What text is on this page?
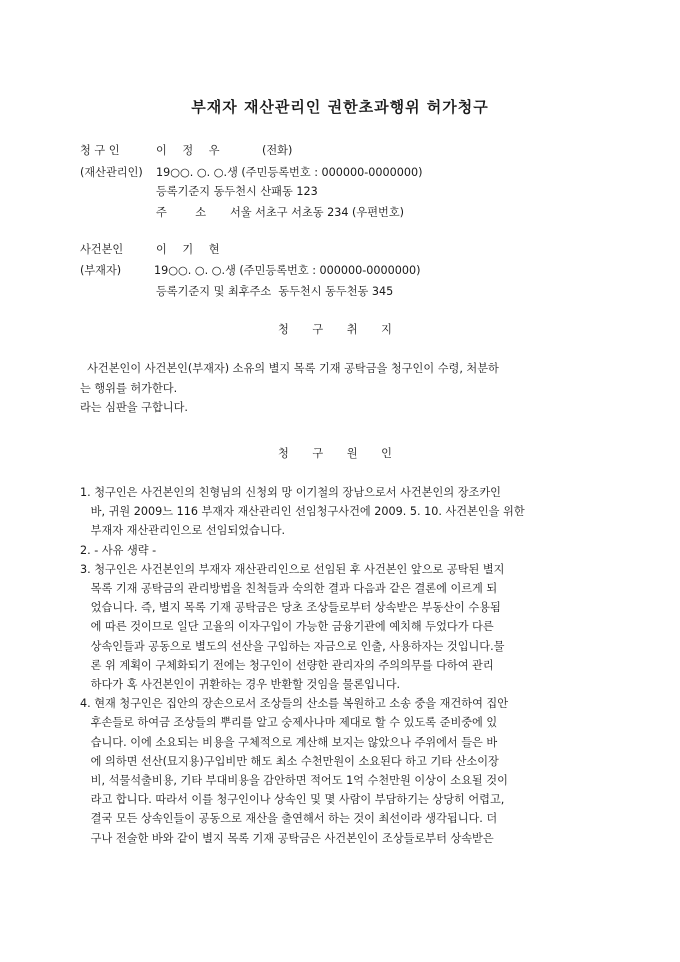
부재자 재산관리인 권한초과행위 허가청구
청 구 인	이 정 우	(전화)
(재산관리인) 19○○. ○. ○.생 (주민등록번호 : 000000-0000000)
등록기준지 동두천시 산패동 123
주        소 서울 서초구 서초동 234 (우편번호)
사건본인	이 기 현
(부재자)	19○○. ○. ○.생 (주민등록번호 : 000000-0000000)
등록기준지 및 최후주소  동두천시 동두천동 345
청 구 취 지
사건본인이 사건본인(부재자) 소유의 별지 목록 기재 공탁금을 청구인이 수령, 처분하
는 행위를 허가한다.
라는 심판을 구합니다.
청 구 원 인
1. 청구인은 사건본인의 친형님의 신청외 망 이기철의 장남으로서 사건본인의 장조카인
바, 귀원 2009느 116 부재자 재산관리인 선임청구사건에 2009. 5. 10. 사건본인을 위한
부재자 재산관리인으로 선임되었습니다.
2. - 사유 생략 -
3. 청구인은 사건본인의 부재자 재산관리인으로 선임된 후 사건본인 앞으로 공탁된 별지
목록 기재 공탁금의 관리방법을 친척들과 숙의한 결과 다음과 같은 결론에 이르게 되
었습니다. 즉, 별지 목록 기재 공탁금은 당초 조상들로부터 상속받은 부동산이 수용됨
에 따른 것이므로 일단 고율의 이자구입이 가능한 금융기관에 예치해 두었다가 다른
상속인들과 공동으로 별도의 선산을 구입하는 자금으로 인출, 사용하자는 것입니다.물
론 위 계획이 구체화되기 전에는 청구인이 선량한 관리자의 주의의무를 다하여 관리
하다가 혹 사건본인이 귀환하는 경우 반환할 것임을 물론입니다.
4. 현재 청구인은 집안의 장손으로서 조상들의 산소를 복원하고 소송 중을 재건하여 집안
후손들로 하여금 조상들의 뿌리를 알고 숭제사나마 제대로 할 수 있도록 준비중에 있
습니다. 이에 소요되는 비용을 구체적으로 계산해 보지는 않았으나 주위에서 들은 바
에 의하면 선산(묘지용)구입비만 해도 최소 수천만원이 소요된다 하고 기타 산소이장
비, 석물석출비용, 기타 부대비용을 감안하면 적어도 1억 수천만원 이상이 소요될 것이
라고 합니다. 따라서 이를 청구인이나 상속인 및 몇 사람이 부담하기는 상당히 어렵고,
결국 모든 상속인들이 공동으로 재산을 출연해서 하는 것이 최선이라 생각됩니다. 더
구나 전술한 바와 같이 별지 목록 기재 공탁금은 사건본인이 조상들로부터 상속받은
